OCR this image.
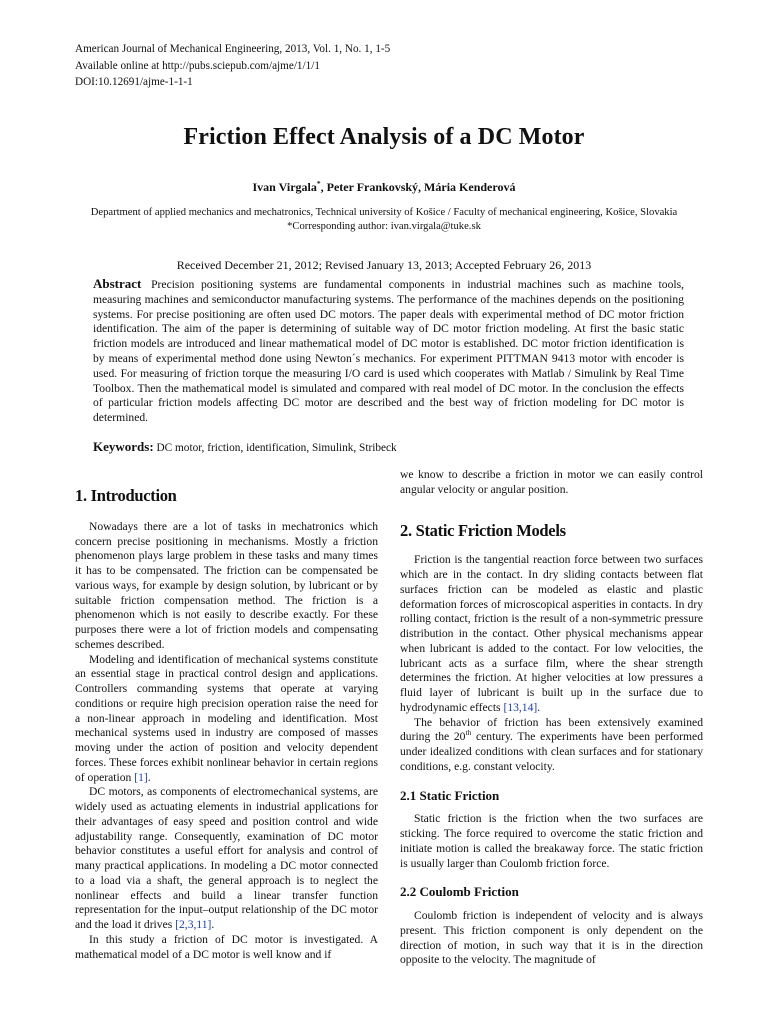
American Journal of Mechanical Engineering, 2013, Vol. 1, No. 1, 1-5
Available online at http://pubs.sciepub.com/ajme/1/1/1
DOI:10.12691/ajme-1-1-1
Friction Effect Analysis of a DC Motor
Ivan Virgala*, Peter Frankovský, Mária Kenderová
Department of applied mechanics and mechatronics, Technical university of Košice / Faculty of mechanical engineering, Košice, Slovakia
*Corresponding author: ivan.virgala@tuke.sk
Received December 21, 2012; Revised January 13, 2013; Accepted February 26, 2013
Abstract Precision positioning systems are fundamental components in industrial machines such as machine tools, measuring machines and semiconductor manufacturing systems. The performance of the machines depends on the positioning systems. For precise positioning are often used DC motors. The paper deals with experimental method of DC motor friction identification. The aim of the paper is determining of suitable way of DC motor friction modeling. At first the basic static friction models are introduced and linear mathematical model of DC motor is established. DC motor friction identification is by means of experimental method done using Newton´s mechanics. For experiment PITTMAN 9413 motor with encoder is used. For measuring of friction torque the measuring I/O card is used which cooperates with Matlab / Simulink by Real Time Toolbox. Then the mathematical model is simulated and compared with real model of DC motor. In the conclusion the effects of particular friction models affecting DC motor are described and the best way of friction modeling for DC motor is determined.
Keywords: DC motor, friction, identification, Simulink, Stribeck
1. Introduction

Nowadays there are a lot of tasks in mechatronics which concern precise positioning in mechanisms. Mostly a friction phenomenon plays large problem in these tasks and many times it has to be compensated. The friction can be compensated be various ways, for example by design solution, by lubricant or by suitable friction compensation method. The friction is a phenomenon which is not easily to describe exactly. For these purposes there were a lot of friction models and compensating schemes described.

Modeling and identification of mechanical systems constitute an essential stage in practical control design and applications. Controllers commanding systems that operate at varying conditions or require high precision operation raise the need for a non-linear approach in modeling and identification. Most mechanical systems used in industry are composed of masses moving under the action of position and velocity dependent forces. These forces exhibit nonlinear behavior in certain regions of operation [1].

DC motors, as components of electromechanical systems, are widely used as actuating elements in industrial applications for their advantages of easy speed and position control and wide adjustability range. Consequently, examination of DC motor behavior constitutes a useful effort for analysis and control of many practical applications. In modeling a DC motor connected to a load via a shaft, the general approach is to neglect the nonlinear effects and build a linear transfer function representation for the input–output relationship of the DC motor and the load it drives [2,3,11].

In this study a friction of DC motor is investigated. A mathematical model of a DC motor is well know and if

we know to describe a friction in motor we can easily control angular velocity or angular position.

2. Static Friction Models

Friction is the tangential reaction force between two surfaces which are in the contact. In dry sliding contacts between flat surfaces friction can be modeled as elastic and plastic deformation forces of microscopical asperities in contacts. In dry rolling contact, friction is the result of a non-symmetric pressure distribution in the contact. Other physical mechanisms appear when lubricant is added to the contact. For low velocities, the lubricant acts as a surface film, where the shear strength determines the friction. At higher velocities at low pressures a fluid layer of lubricant is built up in the surface due to hydrodynamic effects [13,14].

The behavior of friction has been extensively examined during the 20th century. The experiments have been performed under idealized conditions with clean surfaces and for stationary conditions, e.g. constant velocity.

2.1 Static Friction

Static friction is the friction when the two surfaces are sticking. The force required to overcome the static friction and initiate motion is called the breakaway force. The static friction is usually larger than Coulomb friction force.

2.2 Coulomb Friction

Coulomb friction is independent of velocity and is always present. This friction component is only dependent on the direction of motion, in such way that it is in the direction opposite to the velocity. The magnitude of
